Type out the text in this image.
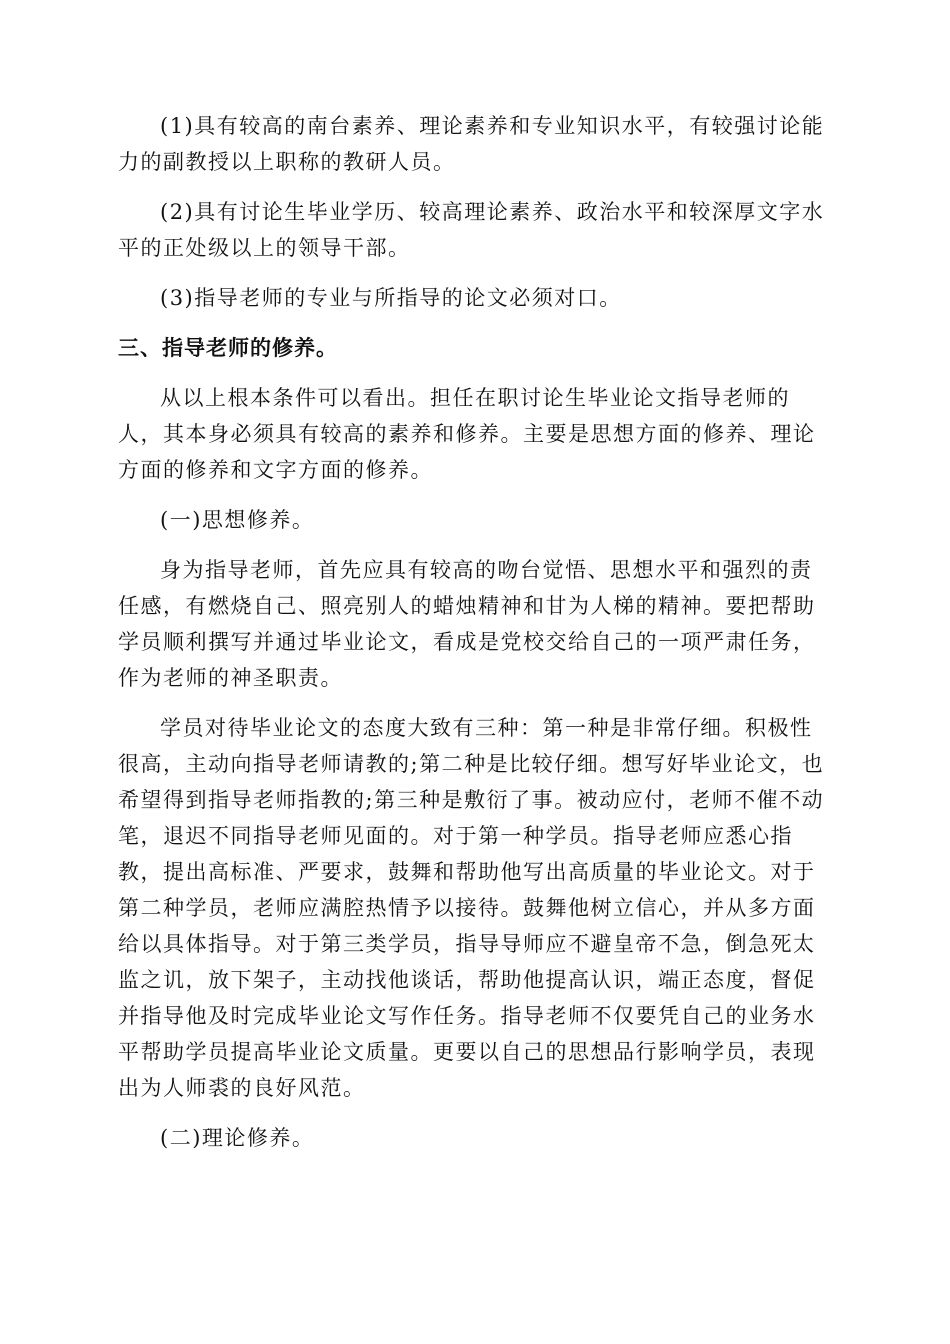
(1)具有较高的南台素养、理论素养和专业知识水平，有较强讨论能力的副教授以上职称的教研人员。

(2)具有讨论生毕业学历、较高理论素养、政治水平和较深厚文字水平的正处级以上的领导干部。

(3)指导老师的专业与所指导的论文必须对口。

三、指导老师的修养。

从以上根本条件可以看出。担任在职讨论生毕业论文指导老师的人，其本身必须具有较高的素养和修养。主要是思想方面的修养、理论方面的修养和文字方面的修养。

(一)思想修养。

身为指导老师，首先应具有较高的吻台觉悟、思想水平和强烈的责任感，有燃烧自己、照亮别人的蜡烛精神和甘为人梯的精神。要把帮助学员顺利撰写并通过毕业论文，看成是党校交给自己的一项严肃任务，作为老师的神圣职责。

学员对待毕业论文的态度大致有三种：第一种是非常仔细。积极性很高，主动向指导老师请教的;第二种是比较仔细。想写好毕业论文，也希望得到指导老师指教的;第三种是敷衍了事。被动应付，老师不催不动笔，退迟不同指导老师见面的。对于第一种学员。指导老师应悉心指教，提出高标准、严要求，鼓舞和帮助他写出高质量的毕业论文。对于第二种学员，老师应满腔热情予以接待。鼓舞他树立信心，并从多方面给以具体指导。对于第三类学员，指导导师应不避皇帝不急，倒急死太监之讥，放下架子，主动找他谈话，帮助他提高认识，端正态度，督促并指导他及时完成毕业论文写作任务。指导老师不仅要凭自己的业务水平帮助学员提高毕业论文质量。更要以自己的思想品行影响学员，表现出为人师裘的良好风范。

(二)理论修养。
